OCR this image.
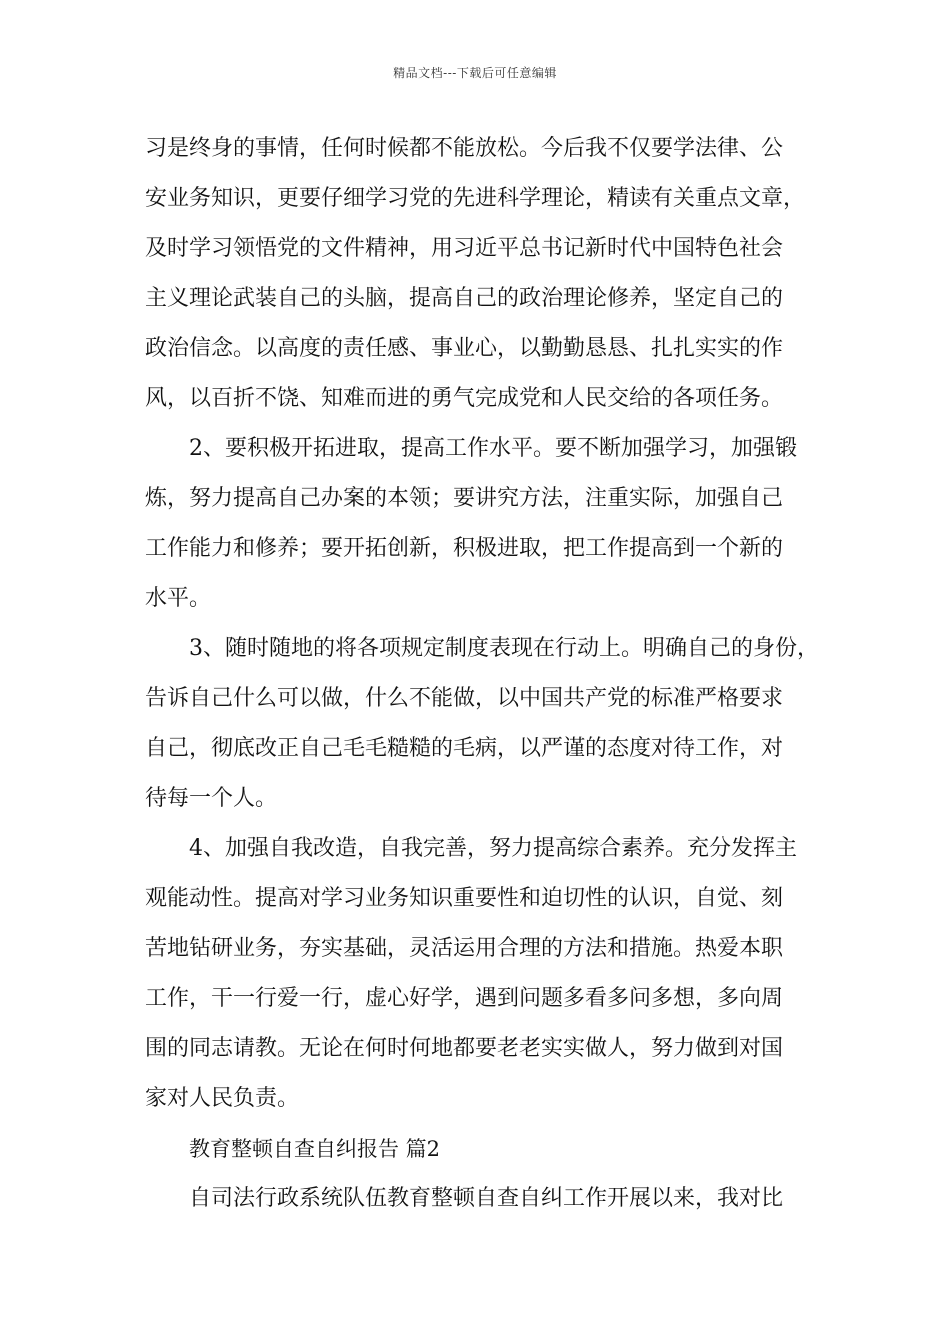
精品文档---下载后可任意编辑

习是终身的事情，任何时候都不能放松。今后我不仅要学法律、公
安业务知识，更要仔细学习党的先进科学理论，精读有关重点文章，
及时学习领悟党的文件精神，用习近平总书记新时代中国特色社会
主义理论武装自己的头脑，提高自己的政治理论修养，坚定自己的
政治信念。以高度的责任感、事业心，以勤勤恳恳、扎扎实实的作
风，以百折不饶、知难而进的勇气完成党和人民交给的各项任务。

2、要积极开拓进取，提高工作水平。要不断加强学习，加强锻
炼，努力提高自己办案的本领；要讲究方法，注重实际，加强自己
工作能力和修养；要开拓创新，积极进取，把工作提高到一个新的
水平。

3、随时随地的将各项规定制度表现在行动上。明确自己的身份，
告诉自己什么可以做，什么不能做，以中国共产党的标准严格要求
自己，彻底改正自己毛毛糙糙的毛病，以严谨的态度对待工作，对
待每一个人。

4、加强自我改造，自我完善，努力提高综合素养。充分发挥主
观能动性。提高对学习业务知识重要性和迫切性的认识，自觉、刻
苦地钻研业务，夯实基础，灵活运用合理的方法和措施。热爱本职
工作，干一行爱一行，虚心好学，遇到问题多看多问多想，多向周
围的同志请教。无论在何时何地都要老老实实做人，努力做到对国
家对人民负责。

教育整顿自查自纠报告 篇2

自司法行政系统队伍教育整顿自查自纠工作开展以来，我对比
